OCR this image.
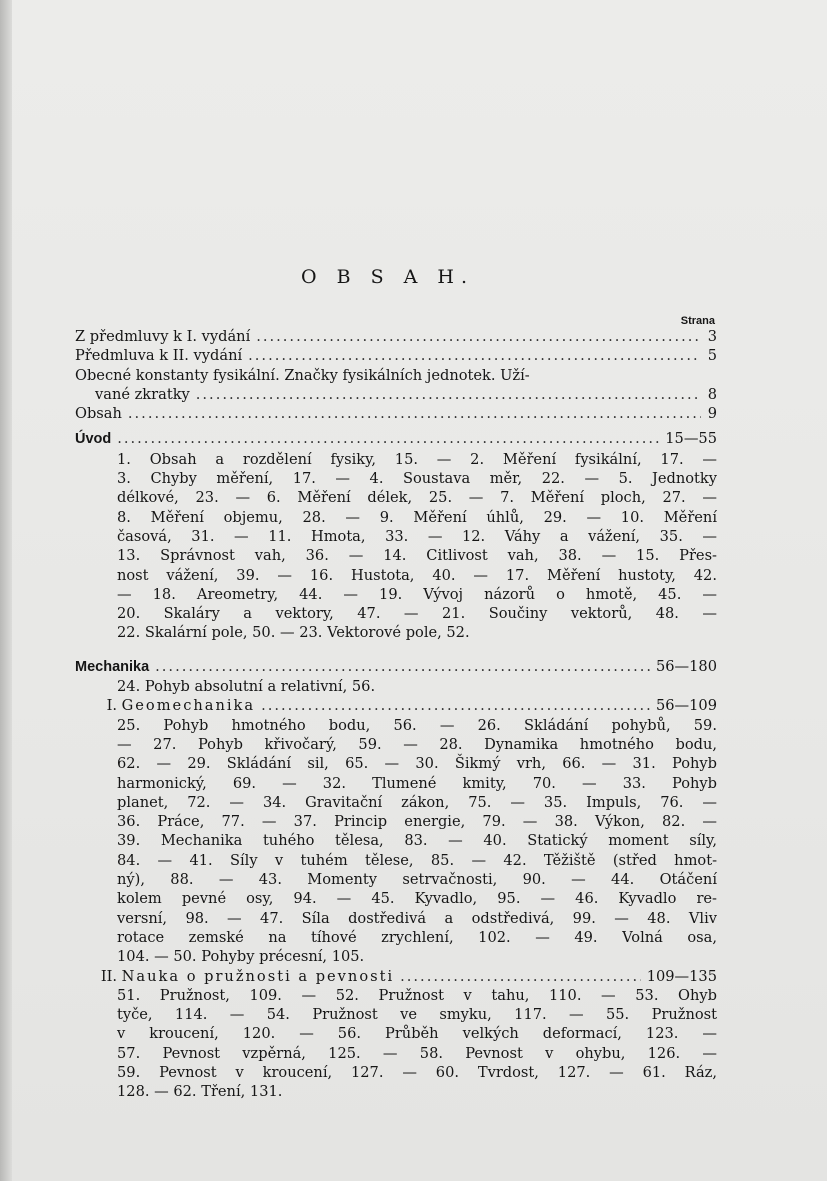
O B S A H.
Strana
Z předmluvy k I. vydání .....	3
Předmluva k II. vydání .....	5
Obecné konstanty fysikální. Značky fysikálních jednotek. Uží-
vané zkratky .....	8
Obsah .....	9
Úvod .....	15—55
1. Obsah a rozdělení fysiky, 15. — 2. Měření fysikální, 17. —
3. Chyby měření, 17. — 4. Soustava měr, 22. — 5. Jednotky
délkové, 23. — 6. Měření délek, 25. — 7. Měření ploch, 27. —
8. Měření objemu, 28. — 9. Měření úhlů, 29. — 10. Měření
časová, 31. — 11. Hmota, 33. — 12. Váhy a vážení, 35. —
13. Správnost vah, 36. — 14. Citlivost vah, 38. — 15. Přes-
nost vážení, 39. — 16. Hustota, 40. — 17. Měření hustoty, 42.
— 18. Areometry, 44. — 19. Vývoj názorů o hmotě, 45. —
20. Skaláry a vektory, 47. — 21. Součiny vektorů, 48. —
22. Skalární pole, 50. — 23. Vektorové pole, 52.
Mechanika .....	56—180
24. Pohyb absolutní a relativní, 56.
I. Geomechanika .....	56—109
25. Pohyb hmotného bodu, 56. — 26. Skládání pohybů, 59.
— 27. Pohyb křivočarý, 59. — 28. Dynamika hmotného bodu,
62. — 29. Skládání sil, 65. — 30. Šikmý vrh, 66. — 31. Pohyb
harmonický, 69. — 32. Tlumené kmity, 70. — 33. Pohyb
planet, 72. — 34. Gravitační zákon, 75. — 35. Impuls, 76. —
36. Práce, 77. — 37. Princip energie, 79. — 38. Výkon, 82. —
39. Mechanika tuhého tělesa, 83. — 40. Statický moment síly,
84. — 41. Síly v tuhém tělese, 85. — 42. Těžiště (střed hmot-
ný), 88. — 43. Momenty setrvačnosti, 90. — 44. Otáčení
kolem pevné osy, 94. — 45. Kyvadlo, 95. — 46. Kyvadlo re-
versní, 98. — 47. Síla dostředivá a odstředivá, 99. — 48. Vliv
rotace zemské na tíhové zrychlení, 102. — 49. Volná osa,
104. — 50. Pohyby précesní, 105.
II. Nauka o pružnosti a pevnosti .....	109—135
51. Pružnost, 109. — 52. Pružnost v tahu, 110. — 53. Ohyb
tyče, 114. — 54. Pružnost ve smyku, 117. — 55. Pružnost
v kroucení, 120. — 56. Průběh velkých deformací, 123. —
57. Pevnost vzpěrná, 125. — 58. Pevnost v ohybu, 126. —
59. Pevnost v kroucení, 127. — 60. Tvrdost, 127. — 61. Ráz,
128. — 62. Tření, 131.
